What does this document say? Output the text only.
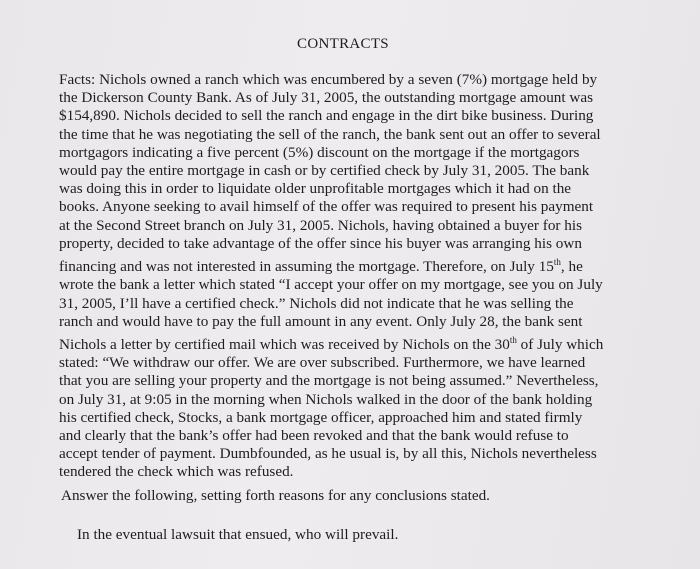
CONTRACTS
Facts: Nichols owned a ranch which was encumbered by a seven (7%) mortgage held by
the Dickerson County Bank. As of July 31, 2005, the outstanding mortgage amount was
$154,890. Nichols decided to sell the ranch and engage in the dirt bike business. During
the time that he was negotiating the sell of the ranch, the bank sent out an offer to several
mortgagors indicating a five percent (5%) discount on the mortgage if the mortgagors
would pay the entire mortgage in cash or by certified check by July 31, 2005. The bank
was doing this in order to liquidate older unprofitable mortgages which it had on the
books. Anyone seeking to avail himself of the offer was required to present his payment
at the Second Street branch on July 31, 2005. Nichols, having obtained a buyer for his
property, decided to take advantage of the offer since his buyer was arranging his own
financing and was not interested in assuming the mortgage. Therefore, on July 15th, he
wrote the bank a letter which stated “I accept your offer on my mortgage, see you on July
31, 2005, I’ll have a certified check.” Nichols did not indicate that he was selling the
ranch and would have to pay the full amount in any event. Only July 28, the bank sent
Nichols a letter by certified mail which was received by Nichols on the 30th of July which
stated: “We withdraw our offer. We are over subscribed. Furthermore, we have learned
that you are selling your property and the mortgage is not being assumed.” Nevertheless,
on July 31, at 9:05 in the morning when Nichols walked in the door of the bank holding
his certified check, Stocks, a bank mortgage officer, approached him and stated firmly
and clearly that the bank’s offer had been revoked and that the bank would refuse to
accept tender of payment. Dumbfounded, as he usual is, by all this, Nichols nevertheless
tendered the check which was refused.
Answer the following, setting forth reasons for any conclusions stated.
In the eventual lawsuit that ensued, who will prevail.
